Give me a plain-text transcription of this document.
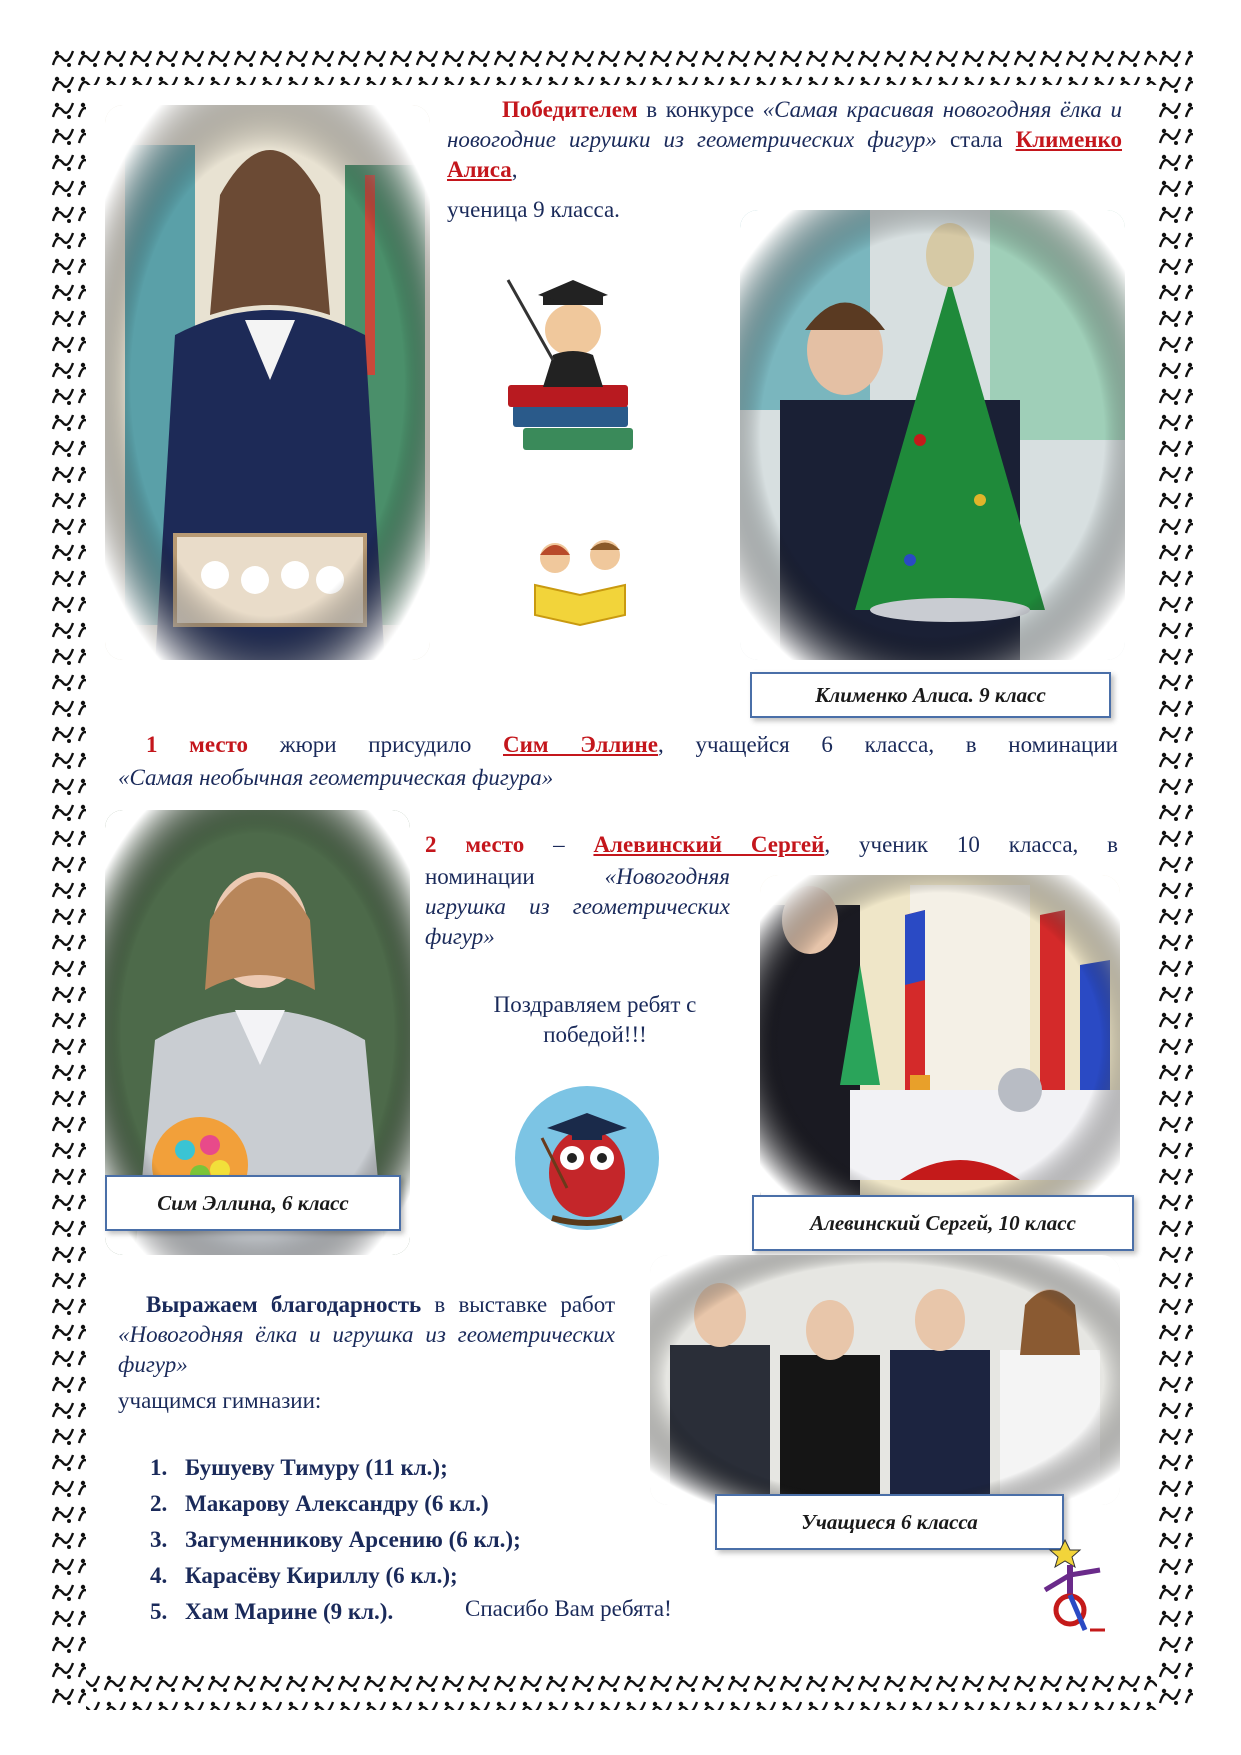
Победителем в конкурсе «Самая красивая новогодняя ёлка и новогодние игрушки из геометрических фигур» стала Клименко Алиса,
ученица 9 класса.
Клименко Алиса. 9 класс
1 место жюри присудило Сим Эллине, учащейся 6 класса, в номинации
«Самая необычная геометрическая фигура»
Сим Эллина, 6 класс
2 место – Алевинский Сергей, ученик 10 класса, в
номинации	«Новогодняя игрушка из геометрических фигур»
Поздравляем ребят с победой!!!
Алевинский Сергей, 10 класс
Выражаем благодарность в выставке работ «Новогодняя ёлка и игрушка из геометрических фигур»
учащимся гимназии:
1. Бушуеву Тимуру (11 кл.);
2. Макарову Александру (6 кл.)
3. Загуменникову Арсению (6 кл.);
4. Карасёву Кириллу (6 кл.);
5. Хам Марине (9 кл.).
Учащиеся 6 класса
Спасибо Вам ребята!
